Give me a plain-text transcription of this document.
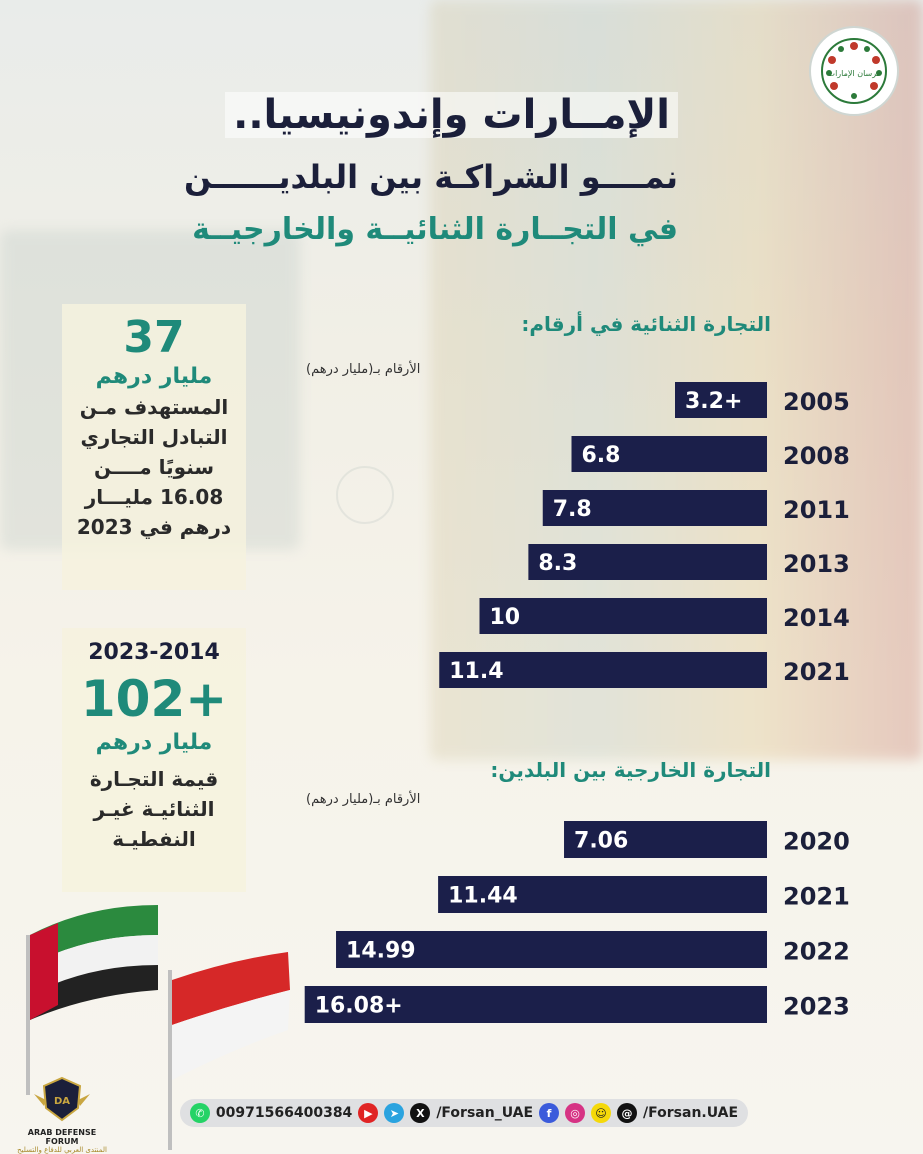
فرسان الإمارات
الإمــارات وإندونيسيا..
نمــــو الشراكـة بين البلديــــــن
في التجــارة الثنائيــة والخارجيــة
37
مليار درهم
المستهدف مـن التبادل التجاري سنويًا مــــن 16.08 مليـــار درهم في 2023
2023-2014
102+
مليار درهم
قيمة التجـارة الثنائيـة غيـر النفطيـة
التجارة الثنائية في أرقام:
الأرقام بـ(مليار درهم)
التجارة الخارجية بين البلدين:
الأرقام بـ(مليار درهم)
3.2+ 2005
6.8	2008
7.8	2011
8.3	2013
10	2014
11.4	2021
7.06	2020
11.44	2021
14.99	2022
16.08+	2023
DA
ARAB DEFENSE FORUM
المنتدى العربي للدفاع والتسليح
✆ 00971566400384	▶	➤	X /Forsan_UAE	f	◎	☺	@ /Forsan.UAE
